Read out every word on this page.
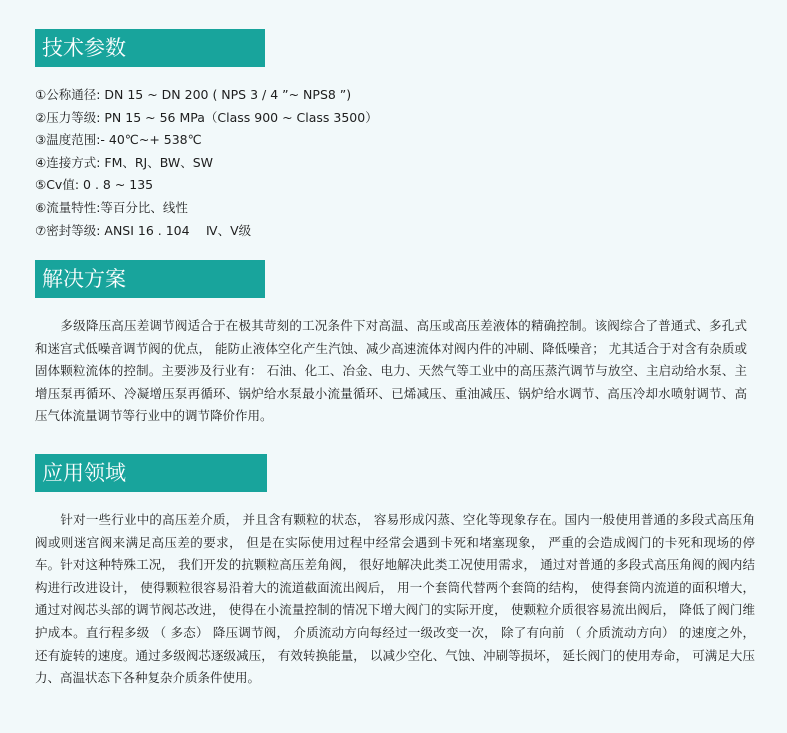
技术参数
①公称通径: DN 15 ~ DN 200 ( NPS 3 / 4 ”~ NPS8 ”)
②压力等级: PN 15 ~ 56 MPa（Class 900 ~ Class 3500）
③温度范围:- 40℃~+ 538℃
④连接方式: FM、RJ、BW、SW
⑤Cv值: 0 . 8 ~ 135
⑥流量特性:等百分比、线性
⑦密封等级: ANSI 16 . 104　 Ⅳ、Ⅴ级
解决方案

　　多级降压高压差调节阀适合于在极其苛刻的工况条件下对高温、高压或高压差液体的精确控制。该阀综合了普通式、多孔式和迷宫式低噪音调节阀的优点， 能防止液体空化产生汽蚀、减少高速流体对阀内件的冲刷、降低噪音； 尤其适合于对含有杂质或固体颗粒流体的控制。主要涉及行业有： 石油、化工、冶金、电力、天然气等工业中的高压蒸汽调节与放空、主启动给水泵、主增压泵再循环、冷凝增压泵再循环、锅炉给水泵最小流量循环、已烯减压、重油减压、锅炉给水调节、高压冷却水喷射调节、高压气体流量调节等行业中的调节降价作用。

应用领域

　　针对一些行业中的高压差介质， 并且含有颗粒的状态， 容易形成闪蒸、空化等现象存在。国内一般使用普通的多段式高压角阀或则迷宫阀来满足高压差的要求， 但是在实际使用过程中经常会遇到卡死和堵塞现象， 严重的会造成阀门的卡死和现场的停车。针对这种特殊工况， 我们开发的抗颗粒高压差角阀， 很好地解决此类工况使用需求， 通过对普通的多段式高压角阀的阀内结构进行改进设计， 使得颗粒很容易沿着大的流道截面流出阀后， 用一个套筒代替两个套筒的结构， 使得套筒内流道的面积增大， 通过对阀芯头部的调节阀芯改进， 使得在小流量控制的情况下增大阀门的实际开度， 使颗粒介质很容易流出阀后， 降低了阀门维护成本。直行程多级 （ 多态） 降压调节阀， 介质流动方向每经过一级改变一次， 除了有向前 （ 介质流动方向） 的速度之外， 还有旋转的速度。通过多级阀芯逐级减压， 有效转换能量， 以减少空化、气蚀、冲刷等损坏， 延长阀门的使用寿命， 可满足大压力、高温状态下各种复杂介质条件使用。
